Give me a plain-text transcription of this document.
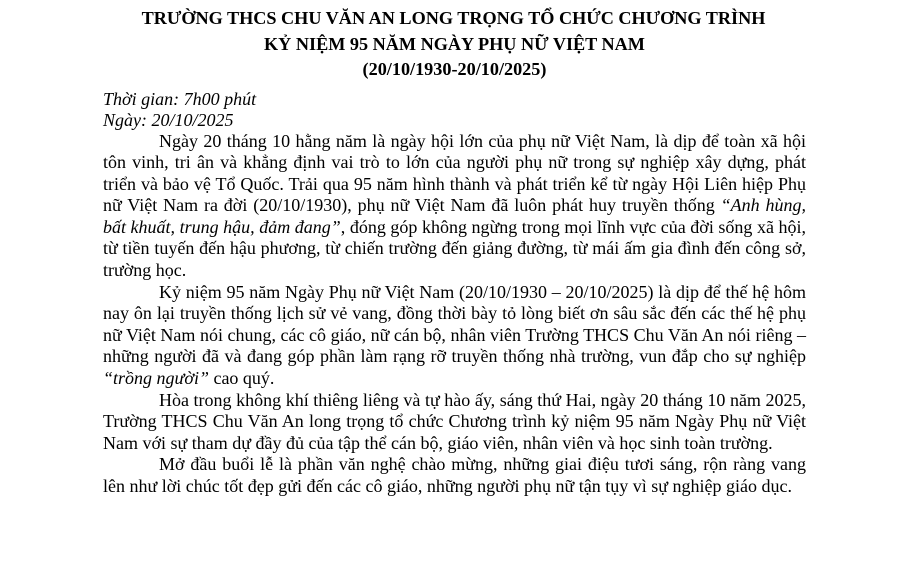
TRƯỜNG THCS CHU VĂN AN LONG TRỌNG TỔ CHỨC CHƯƠNG TRÌNH
KỶ NIỆM 95 NĂM NGÀY PHỤ NỮ VIỆT NAM
(20/10/1930-20/10/2025)
Thời gian: 7h00 phút
Ngày: 20/10/2025

Ngày 20 tháng 10 hằng năm là ngày hội lớn của phụ nữ Việt Nam, là dịp để toàn xã hội tôn vinh, tri ân và khẳng định vai trò to lớn của người phụ nữ trong sự nghiệp xây dựng, phát triển và bảo vệ Tổ Quốc. Trải qua 95 năm hình thành và phát triển kể từ ngày Hội Liên hiệp Phụ nữ Việt Nam ra đời (20/10/1930), phụ nữ Việt Nam đã luôn phát huy truyền thống “Anh hùng, bất khuất, trung hậu, đảm đang”, đóng góp không ngừng trong mọi lĩnh vực của đời sống xã hội, từ tiền tuyến đến hậu phương, từ chiến trường đến giảng đường, từ mái ấm gia đình đến công sở, trường học.

Kỷ niệm 95 năm Ngày Phụ nữ Việt Nam (20/10/1930 – 20/10/2025) là dịp để thế hệ hôm nay ôn lại truyền thống lịch sử vẻ vang, đồng thời bày tỏ lòng biết ơn sâu sắc đến các thế hệ phụ nữ Việt Nam nói chung, các cô giáo, nữ cán bộ, nhân viên Trường THCS Chu Văn An nói riêng – những người đã và đang góp phần làm rạng rỡ truyền thống nhà trường, vun đắp cho sự nghiệp “trồng người” cao quý.

Hòa trong không khí thiêng liêng và tự hào ấy, sáng thứ Hai, ngày 20 tháng 10 năm 2025, Trường THCS Chu Văn An long trọng tổ chức Chương trình kỷ niệm 95 năm Ngày Phụ nữ Việt Nam với sự tham dự đầy đủ của tập thể cán bộ, giáo viên, nhân viên và học sinh toàn trường.

Mở đầu buổi lễ là phần văn nghệ chào mừng, những giai điệu tươi sáng, rộn ràng vang lên như lời chúc tốt đẹp gửi đến các cô giáo, những người phụ nữ tận tụy vì sự nghiệp giáo dục.
